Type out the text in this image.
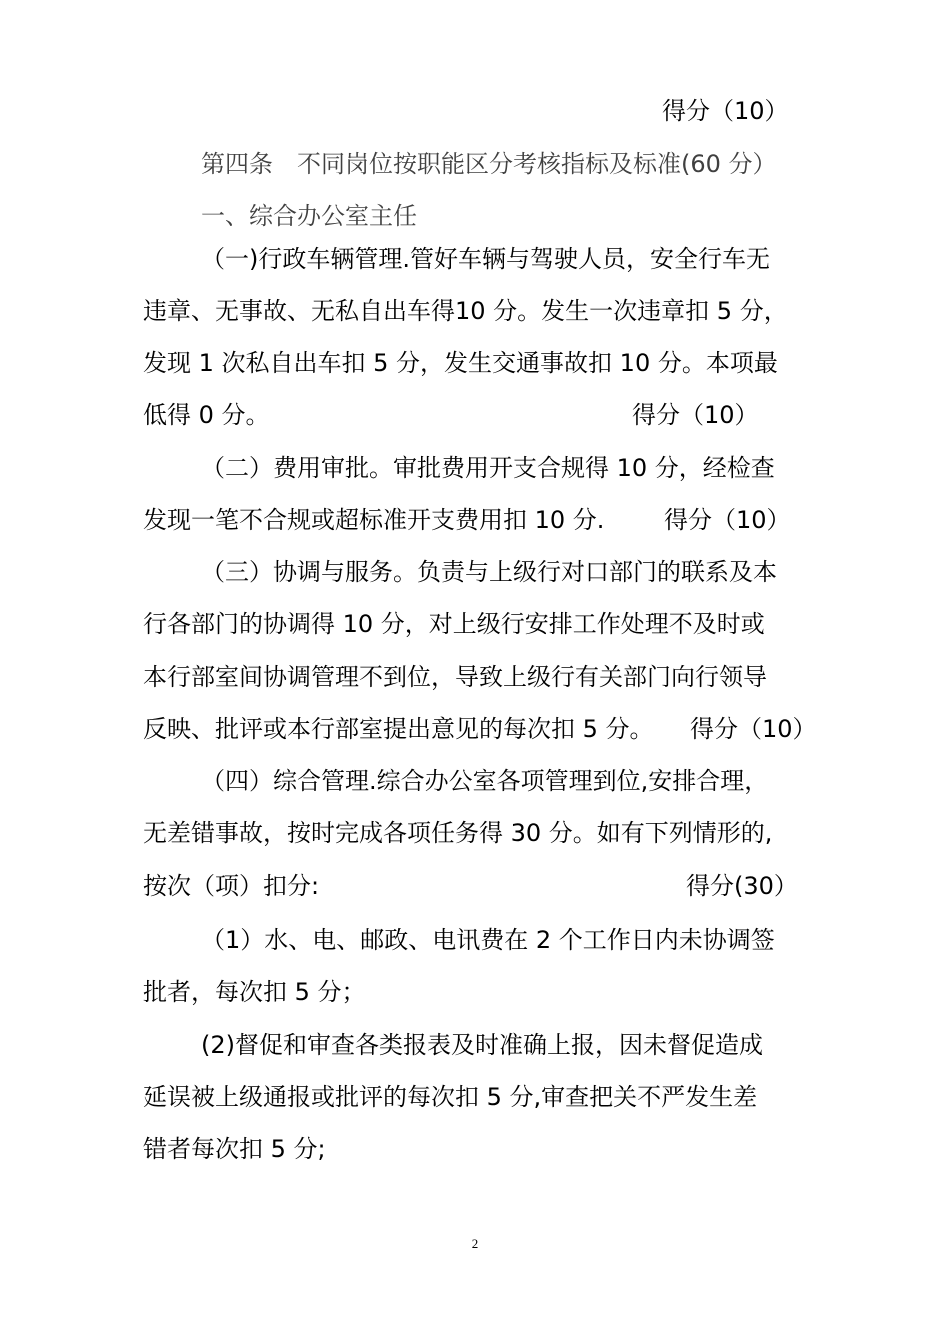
得分（10）

第四条　不同岗位按职能区分考核指标及标准(60 分）

一、综合办公室主任

（一)行政车辆管理.管好车辆与驾驶人员，安全行车无

违章、无事故、无私自出车得10 分。发生一次违章扣 5 分，

发现 1 次私自出车扣 5 分，发生交通事故扣 10 分。本项最

低得 0 分。	得分（10）

（二）费用审批。审批费用开支合规得 10 分，经检查

发现一笔不合规或超标准开支费用扣 10 分. 得分（10）

（三）协调与服务。负责与上级行对口部门的联系及本

行各部门的协调得 10 分，对上级行安排工作处理不及时或

本行部室间协调管理不到位，导致上级行有关部门向行领导

反映、批评或本行部室提出意见的每次扣 5 分。 得分（10）

（四）综合管理.综合办公室各项管理到位,安排合理，

无差错事故，按时完成各项任务得 30 分。如有下列情形的,

按次（项）扣分:	得分(30）

（1）水、电、邮政、电讯费在 2 个工作日内未协调签

批者，每次扣 5 分；

(2)督促和审查各类报表及时准确上报，因未督促造成

延误被上级通报或批评的每次扣 5 分,审查把关不严发生差

错者每次扣 5 分;

2
